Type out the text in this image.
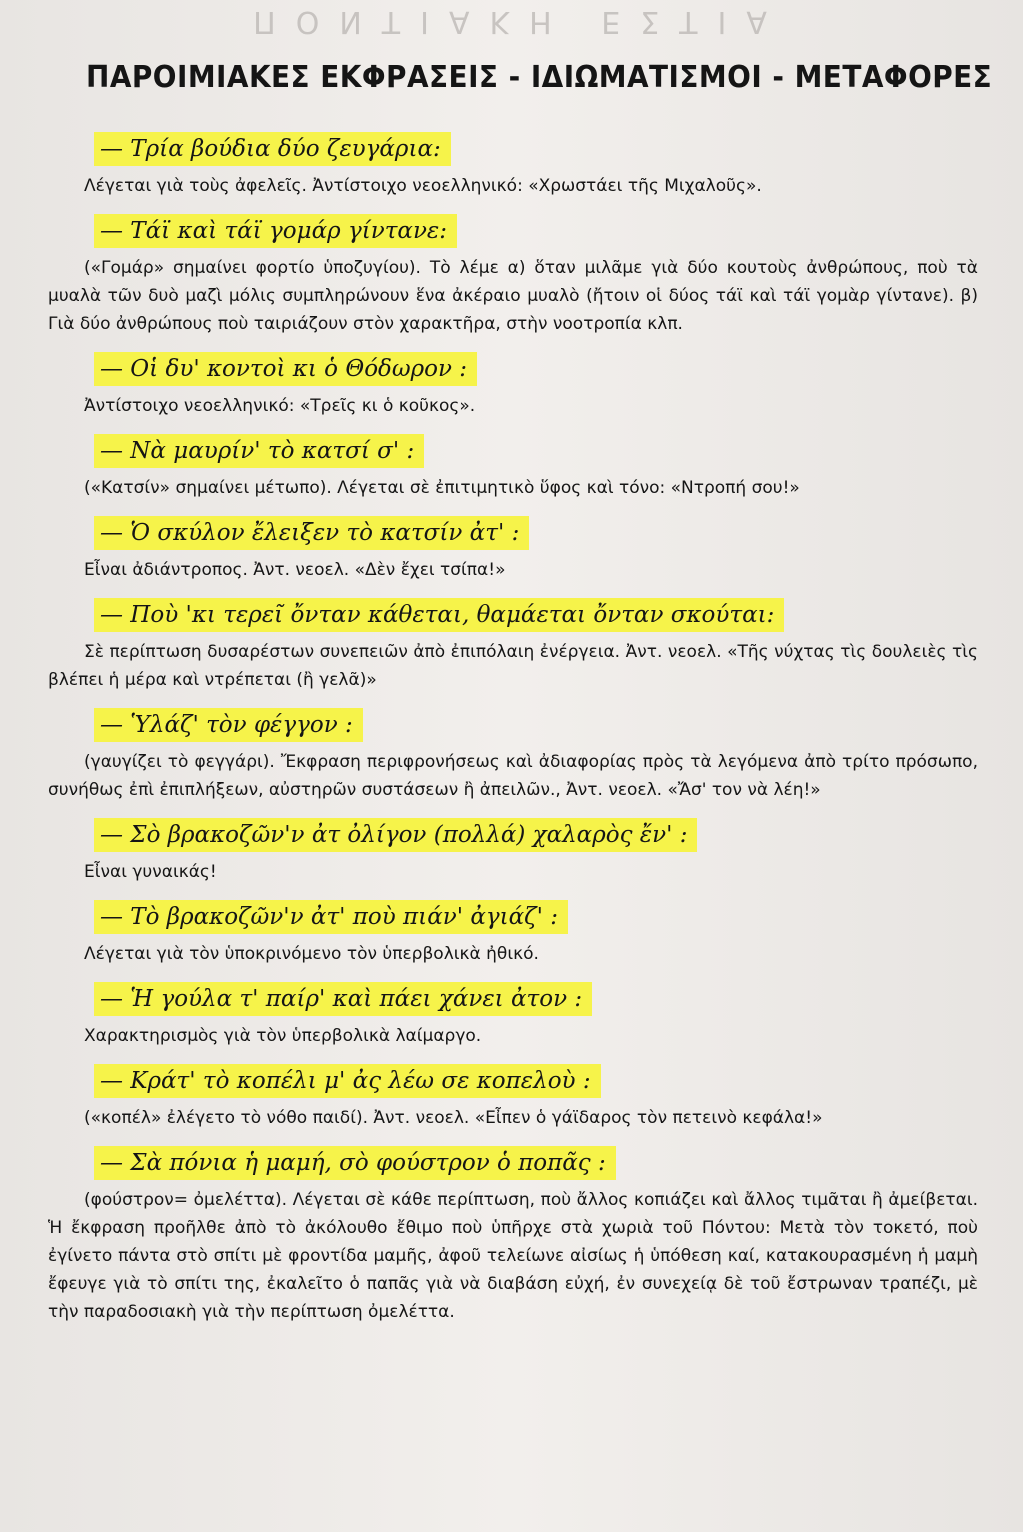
ΠΟΝΤΙΑΚΗ ΕΣΤΙΑ
ΠΑΡΟΙΜΙΑΚΕΣ ΕΚΦΡΑΣΕΙΣ - ΙΔΙΩΜΑΤΙΣΜΟΙ - ΜΕΤΑΦΟΡΕΣ
— Τρία βούδια δύο ζευγάρια:
Λέγεται γιὰ τοὺς ἀφελεῖς. Ἀντίστοιχο νεοελληνικό: «Χρωστάει τῆς Μιχαλοῦς».
— Τάϊ καὶ τάϊ γομάρ γίντανε:
(«Γομάρ» σημαίνει φορτίο ὑποζυγίου). Τὸ λέμε α) ὅταν μιλᾶμε γιὰ δύο κουτοὺς ἀνθρώπους, ποὺ τὰ μυαλὰ τῶν δυὸ μαζὶ μόλις συμπληρώνουν ἕνα ἀκέραιο μυαλὸ (ἤτοιν οἱ δύος τάϊ καὶ τάϊ γομὰρ γίντανε). β) Γιὰ δύο ἀνθρώπους ποὺ ταιριάζουν στὸν χαρακτῆρα, στὴν νοοτροπία κλπ.
— Οἱ δυ' κοντοὶ κι ὁ Θόδωρον :
Ἀντίστοιχο νεοελληνικό: «Τρεῖς κι ὁ κοῦκος».
— Νὰ μαυρίν' τὸ κατσί σ' :
(«Κατσίν» σημαίνει μέτωπο). Λέγεται σὲ ἐπιτιμητικὸ ὕφος καὶ τόνο: «Ντροπή σου!»
— Ὁ σκύλον ἔλειξεν τὸ κατσίν ἀτ' :
Εἶναι ἀδιάντροπος. Ἀντ. νεοελ. «Δὲν ἔχει τσίπα!»
— Ποὺ 'κι τερεῖ ὄνταν κάθεται, θαμάεται ὄνταν σκούται:
Σὲ περίπτωση δυσαρέστων συνεπειῶν ἀπὸ ἐπιπόλαιη ἐνέργεια. Ἀντ. νεοελ. «Τῆς νύχτας τὶς δουλειὲς τὶς βλέπει ἡ μέρα καὶ ντρέπεται (ἢ γελᾶ)»
— Ὑλάζ' τὸν φέγγον :
(γαυγίζει τὸ φεγγάρι). Ἔκφραση περιφρονήσεως καὶ ἀδιαφορίας πρὸς τὰ λεγόμενα ἀπὸ τρίτο πρόσωπο, συνήθως ἐπὶ ἐπιπλήξεων, αὐστηρῶν συστάσεων ἢ ἀπειλῶν., Ἀντ. νεοελ. «Ἄσ' τον νὰ λέη!»
— Σὸ βρακοζῶν'ν ἀτ ὀλίγον (πολλά) χαλαρὸς ἔν' :
Εἶναι γυναικάς!
— Τὸ βρακοζῶν'ν ἀτ' ποὺ πιάν' ἀγιάζ' :
Λέγεται γιὰ τὸν ὑποκρινόμενο τὸν ὑπερβολικὰ ἠθικό.
— Ἡ γούλα τ' παίρ' καὶ πάει χάνει ἀτον :
Χαρακτηρισμὸς γιὰ τὸν ὑπερβολικὰ λαίμαργο.
— Κράτ' τὸ κοπέλι μ' ἀς λέω σε κοπελοὺ :
(«κοπέλ» ἐλέγετο τὸ νόθο παιδί). Ἀντ. νεοελ. «Εἶπεν ὁ γάϊδαρος τὸν πετεινὸ κεφάλα!»
— Σὰ πόνια ἡ μαμή, σὸ φούστρον ὁ ποπᾶς :
(φούστρον= ὀμελέττα). Λέγεται σὲ κάθε περίπτωση, ποὺ ἄλλος κοπιάζει καὶ ἄλλος τιμᾶται ἢ ἀμείβεται. Ἡ ἔκφραση προῆλθε ἀπὸ τὸ ἀκόλουθο ἔθιμο ποὺ ὑπῆρχε στὰ χωριὰ τοῦ Πόντου: Μετὰ τὸν τοκετό, ποὺ ἐγίνετο πάντα στὸ σπίτι μὲ φροντίδα μαμῆς, ἀφοῦ τελείωνε αἰσίως ἡ ὑπόθεση καί, κατακουρασμένη ἡ μαμὴ ἔφευγε γιὰ τὸ σπίτι της, ἐκαλεῖτο ὁ παπᾶς γιὰ νὰ διαβάση εὐχή, ἐν συνεχείᾳ δὲ τοῦ ἔστρωναν τραπέζι, μὲ τὴν παραδοσιακὴ γιὰ τὴν περίπτωση ὀμελέττα.
